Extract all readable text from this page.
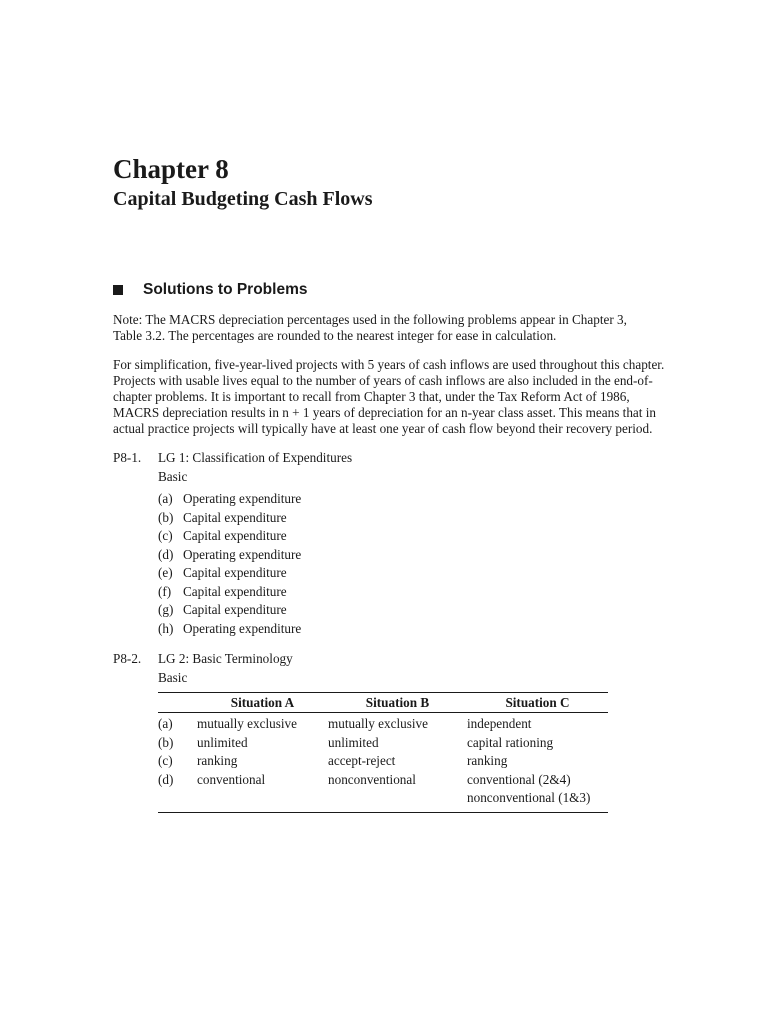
Chapter 8
Capital Budgeting Cash Flows
Solutions to Problems

Note: The MACRS depreciation percentages used in the following problems appear in Chapter 3,
Table 3.2. The percentages are rounded to the nearest integer for ease in calculation.

For simplification, five-year-lived projects with 5 years of cash inflows are used throughout this chapter.
Projects with usable lives equal to the number of years of cash inflows are also included in the end-of-
chapter problems. It is important to recall from Chapter 3 that, under the Tax Reform Act of 1986,
MACRS depreciation results in n + 1 years of depreciation for an n-year class asset. This means that in
actual practice projects will typically have at least one year of cash flow beyond their recovery period.

P8-1. LG 1: Classification of Expenditures
Basic
(a) Operating expenditure
(b) Capital expenditure
(c) Capital expenditure
(d) Operating expenditure
(e) Capital expenditure
(f) Capital expenditure
(g) Capital expenditure
(h) Operating expenditure
P8-2. LG 2: Basic Terminology
Basic
	Situation A	Situation B	Situation C
(a)	mutually exclusive	mutually exclusive	independent
(b)	unlimited	unlimited	capital rationing
(c)	ranking	accept-reject	ranking
(d)	conventional	nonconventional	conventional (2&4)
			nonconventional (1&3)
